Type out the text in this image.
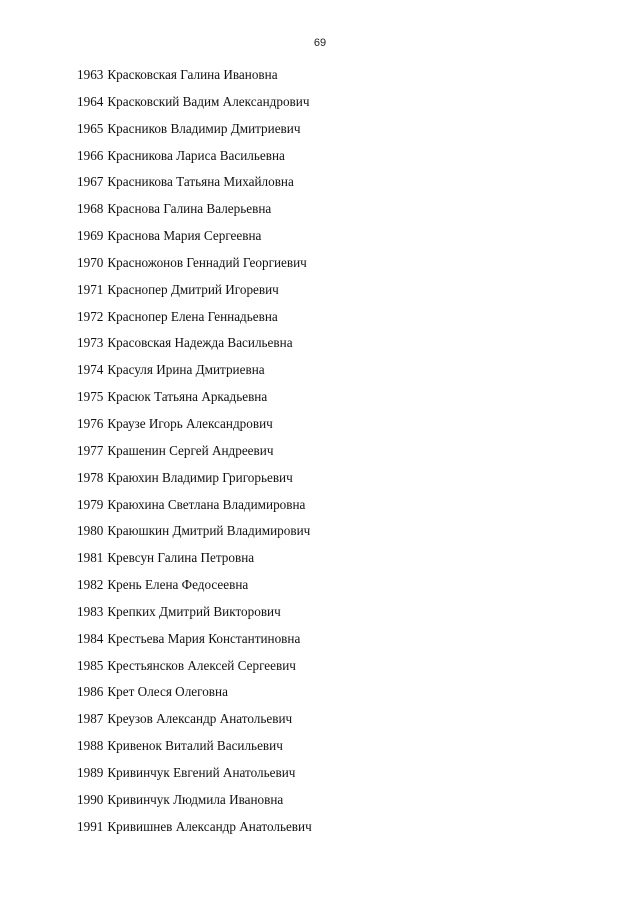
69
1963 Красковская Галина Ивановна
1964 Красковский Вадим Александрович
1965 Красников Владимир Дмитриевич
1966 Красникова Лариса Васильевна
1967 Красникова Татьяна Михайловна
1968 Краснова Галина Валерьевна
1969 Краснова Мария Сергеевна
1970 Красножонов Геннадий Георгиевич
1971 Краснопер Дмитрий Игоревич
1972 Краснопер Елена Геннадьевна
1973 Красовская Надежда Васильевна
1974 Красуля Ирина Дмитриевна
1975 Красюк Татьяна Аркадьевна
1976 Краузе Игорь Александрович
1977 Крашенин Сергей Андреевич
1978 Краюхин Владимир Григорьевич
1979 Краюхина Светлана Владимировна
1980 Краюшкин Дмитрий Владимирович
1981 Кревсун Галина Петровна
1982 Крень Елена Федосеевна
1983 Крепких Дмитрий Викторович
1984 Крестьева Мария Константиновна
1985 Крестьянсков Алексей Сергеевич
1986 Крет Олеся Олеговна
1987 Креузов Александр Анатольевич
1988 Кривенок Виталий Васильевич
1989 Кривинчук Евгений Анатольевич
1990 Кривинчук Людмила Ивановна
1991 Кривишнев Александр Анатольевич
